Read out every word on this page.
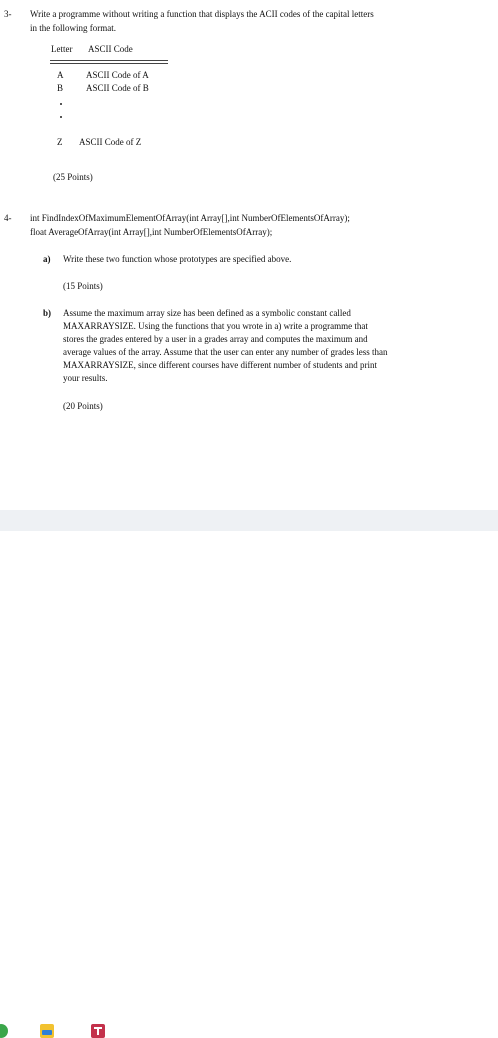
3- Write a programme without writing a function that displays the ACII codes of the capital letters
in the following format.
Letter ASCII Code
A	ASCII Code of A
B	ASCII Code of B
Z ASCII Code of Z
(25 Points)
4- int FindIndexOfMaximumElementOfArray(int Array[],int NumberOfElementsOfArray);
float AverageOfArray(int Array[],int NumberOfElementsOfArray);
a) Write these two function whose prototypes are specified above.
(15 Points)
b) Assume the maximum array size has been defined as a symbolic constant called
MAXARRAYSIZE. Using the functions that you wrote in a) write a programme that
stores the grades entered by a user in a grades array and computes the maximum and
average values of the array. Assume that the user can enter any number of grades less than
MAXARRAYSIZE, since different courses have different number of students and print
your results.
(20 Points)
